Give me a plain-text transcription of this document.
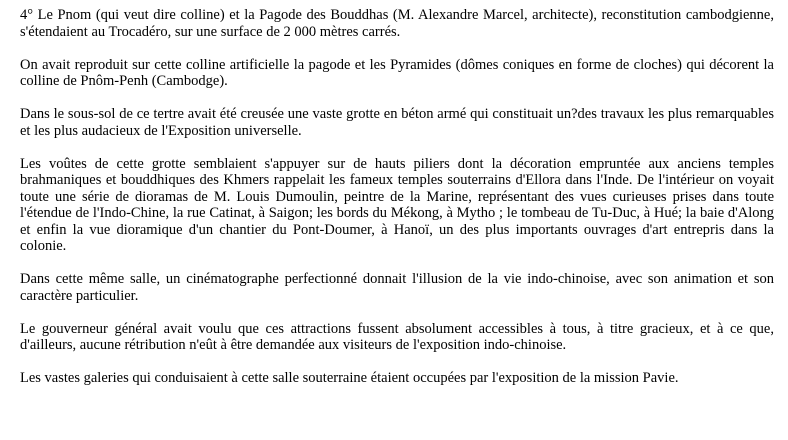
4° Le Pnom (qui veut dire colline) et la Pagode des Bouddhas (M. Alexandre Marcel, architecte), reconstitution cambodgienne, s'étendaient au Trocadéro, sur une surface de 2 000 mètres carrés.

On avait reproduit sur cette colline artificielle la pagode et les Pyramides (dômes coniques en forme de cloches) qui décorent la colline de Pnôm-Penh (Cambodge).

Dans le sous-sol de ce tertre avait été creusée une vaste grotte en béton armé qui constituait un?des travaux les plus remarquables et les plus audacieux de l'Exposition universelle.

Les voûtes de cette grotte semblaient s'appuyer sur de hauts piliers dont la décoration empruntée aux anciens temples brahmaniques et bouddhiques des Khmers rappelait les fameux temples souterrains d'Ellora dans l'Inde. De l'intérieur on voyait toute une série de dioramas de M. Louis Dumoulin, peintre de la Marine, représentant des vues curieuses prises dans toute l'étendue de l'Indo-Chine, la rue Catinat, à Saigon; les bords du Mékong, à Mytho ; le tombeau de Tu-Duc, à Hué; la baie d'Along et enfin la vue dioramique d'un chantier du Pont-Doumer, à Hanoï, un des plus importants ouvrages d'art entrepris dans la colonie.

Dans cette même salle, un cinématographe perfectionné donnait l'illusion de la vie indo-chinoise, avec son animation et son caractère particulier.

Le gouverneur général avait voulu que ces attractions fussent absolument accessibles à tous, à titre gracieux, et à ce que, d'ailleurs, aucune rétribution n'eût à être demandée aux visiteurs de l'exposition indo-chinoise.

Les vastes galeries qui conduisaient à cette salle souterraine étaient occupées par l'exposition de la mission Pavie.
